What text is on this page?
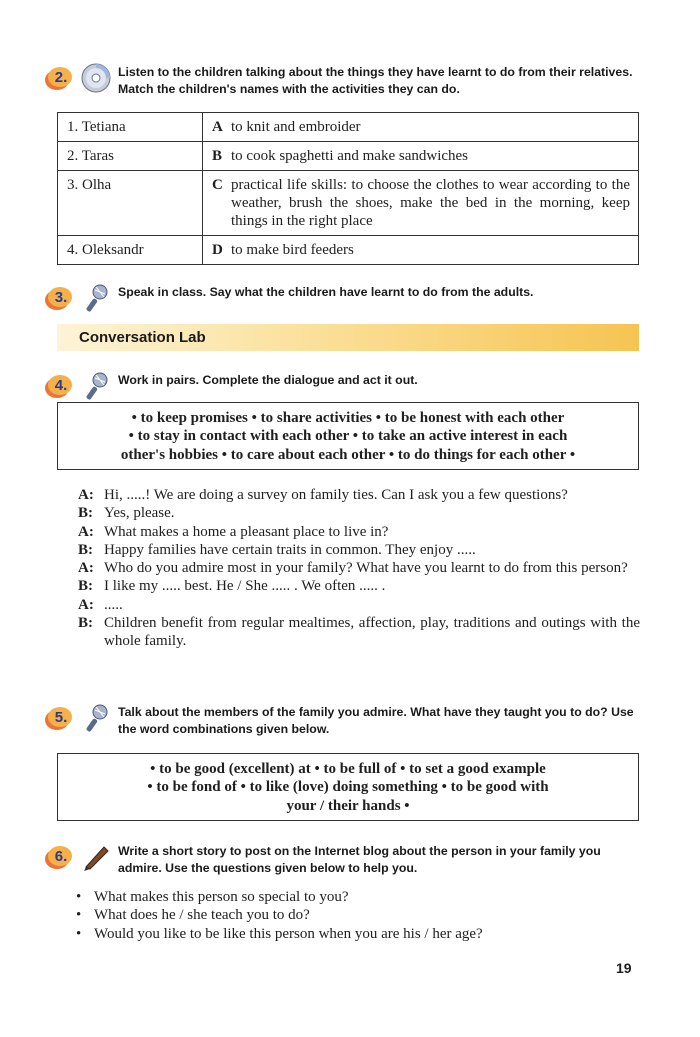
2.	Listen to the children talking about the things they have learnt to do from their relatives. Match the children's names with the activities they can do.
1. Tetiana	A to knit and embroider

2. Taras	B to cook spaghetti and make sandwiches

3. Olha	C practical life skills: to choose the clothes to wear according to the weather, brush the shoes, make the bed in the morning, keep things in the right place

4. Oleksandr	D to make bird feeders
3.	Speak in class. Say what the children have learnt to do from the adults.
Conversation Lab
4.	Work in pairs. Complete the dialogue and act it out.
• to keep promises • to share activities • to be honest with each other
• to stay in contact with each other • to take an active interest in each
other's hobbies • to care about each other • to do things for each other •
A: Hi, .....! We are doing a survey on family ties. Can I ask you a few questions?
B: Yes, please.
A: What makes a home a pleasant place to live in?
B: Happy families have certain traits in common. They enjoy .....
A: Who do you admire most in your family? What have you learnt to do from this person?
B: I like my ..... best. He / She ..... . We often ..... .
A: .....
B: Children benefit from regular mealtimes, affection, play, traditions and outings with the whole family.
5.	Talk about the members of the family you admire. What have they taught you to do? Use the word combinations given below.
• to be good (excellent) at • to be full of • to set a good example
• to be fond of • to like (love) doing something • to be good with
your / their hands •
6.	Write a short story to post on the Internet blog about the person in your family you admire. Use the questions given below to help you.
• What makes this person so special to you?
• What does he / she teach you to do?
• Would you like to be like this person when you are his / her age?
19
